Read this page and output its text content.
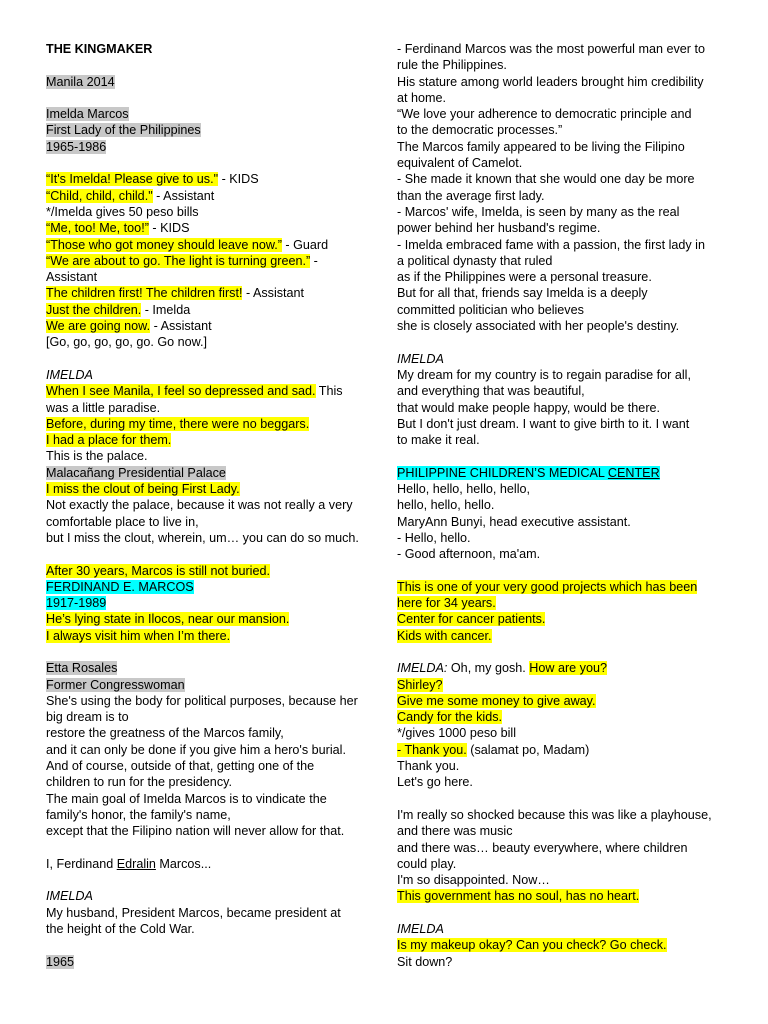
THE KINGMAKER
Manila 2014
Imelda Marcos
First Lady of the Philippines
1965-1986
“It's Imelda! Please give to us." - KIDS
“Child, child, child." - Assistant
*/Imelda gives 50 peso bills
“Me, too! Me, too!” - KIDS
“Those who got money should leave now.” - Guard
“We are about to go. The light is turning green.” -
Assistant
The children first! The children first! - Assistant
Just the children. - Imelda
We are going now. - Assistant
[Go, go, go, go, go. Go now.]
IMELDA
When I see Manila, I feel so depressed and sad. This
was a little paradise.
Before, during my time, there were no beggars.
I had a place for them.
This is the palace.
Malacañang Presidential Palace
I miss the clout of being First Lady.
Not exactly the palace, because it was not really a very
comfortable place to live in,
but I miss the clout, wherein, um… you can do so much.
After 30 years, Marcos is still not buried.
FERDINAND E. MARCOS
1917-1989
He’s lying state in Ilocos, near our mansion.
I always visit him when I’m there.
Etta Rosales
Former Congresswoman
She's using the body for political purposes, because her
big dream is to
restore the greatness of the Marcos family,
and it can only be done if you give him a hero's burial.
And of course, outside of that, getting one of the
children to run for the presidency.
The main goal of Imelda Marcos is to vindicate the
family's honor, the family's name,
except that the Filipino nation will never allow for that.
I, Ferdinand Edralin Marcos...
IMELDA
My husband, President Marcos, became president at
the height of the Cold War.
1965
- Ferdinand Marcos was the most powerful man ever to
rule the Philippines.
His stature among world leaders brought him credibility
at home.
“We love your adherence to democratic principle and
to the democratic processes.”
The Marcos family appeared to be living the Filipino
equivalent of Camelot.
- She made it known that she would one day be more
than the average first lady.
- Marcos' wife, Imelda, is seen by many as the real
power behind her husband's regime.
- Imelda embraced fame with a passion, the first lady in
a political dynasty that ruled
as if the Philippines were a personal treasure.
But for all that, friends say Imelda is a deeply
committed politician who believes
she is closely associated with her people's destiny.
IMELDA
My dream for my country is to regain paradise for all,
and everything that was beautiful,
that would make people happy, would be there.
But I don't just dream. I want to give birth to it. I want
to make it real.
PHILIPPINE CHILDREN’S MEDICAL CENTER
Hello, hello, hello, hello,
hello, hello, hello.
MaryAnn Bunyi, head executive assistant.
- Hello, hello.
- Good afternoon, ma'am.
This is one of your very good projects which has been
here for 34 years.
Center for cancer patients.
Kids with cancer.
IMELDA: Oh, my gosh. How are you?
Shirley?
Give me some money to give away.
Candy for the kids.
*/gives 1000 peso bill
- Thank you. (salamat po, Madam)
Thank you.
Let's go here.
I'm really so shocked because this was like a playhouse,
and there was music
and there was… beauty everywhere, where children
could play.
I'm so disappointed. Now…
This government has no soul, has no heart.
IMELDA
Is my makeup okay? Can you check? Go check.
Sit down?
